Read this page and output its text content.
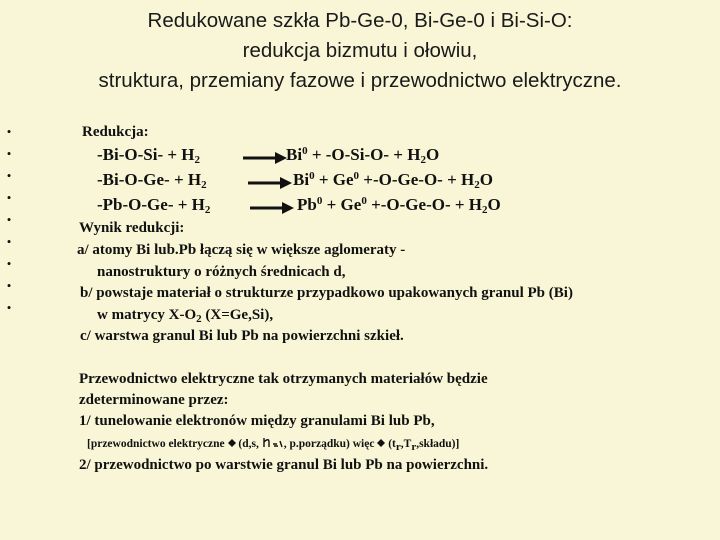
Redukowane szkła Pb-Ge-0, Bi-Ge-0 i Bi-Si-O:
redukcja bizmutu i ołowiu,
struktura, przemiany fazowe i przewodnictwo elektryczne.
•
•
•
•
•
•
•
•
•
Redukcja:
$-Bi-O-Si- + H_2$	→ $Bi^0 + -O-Si-O- + H_2O$
$-Bi-O-Ge- + H_2$	→ $Bi^0 + Ge^0 +-O-Ge-O- + H_2O$
$-Pb-O-Ge- + H_2$	→ $Pb^0 + Ge^0 +-O-Ge-O- + H_2O$
Wynik redukcji:
a/ atomy Bi lub.Pb łączą się w większe aglomeraty -
nanostruktury o różnych średnicach d,
b/ powstaje materiał o strukturze przypadkowo upakowanych granul Pb (Bi)
w matrycy $X-O_2$ (X=Ge,Si),
c/ warstwa granul Bi lub Pb na powierzchni szkieł.
Przewodnictwo elektryczne tak otrzymanych materiałów będzie
zdeterminowane przez:
1/ tunelowanie elektronów między granulami Bi lub Pb,
[przewodnictwo elektryczne  (d,s, , p.porządku) więc  $(t_r,T_r,składu)$]
2/ przewodnictwo po warstwie granul Bi lub Pb na powierzchni.
